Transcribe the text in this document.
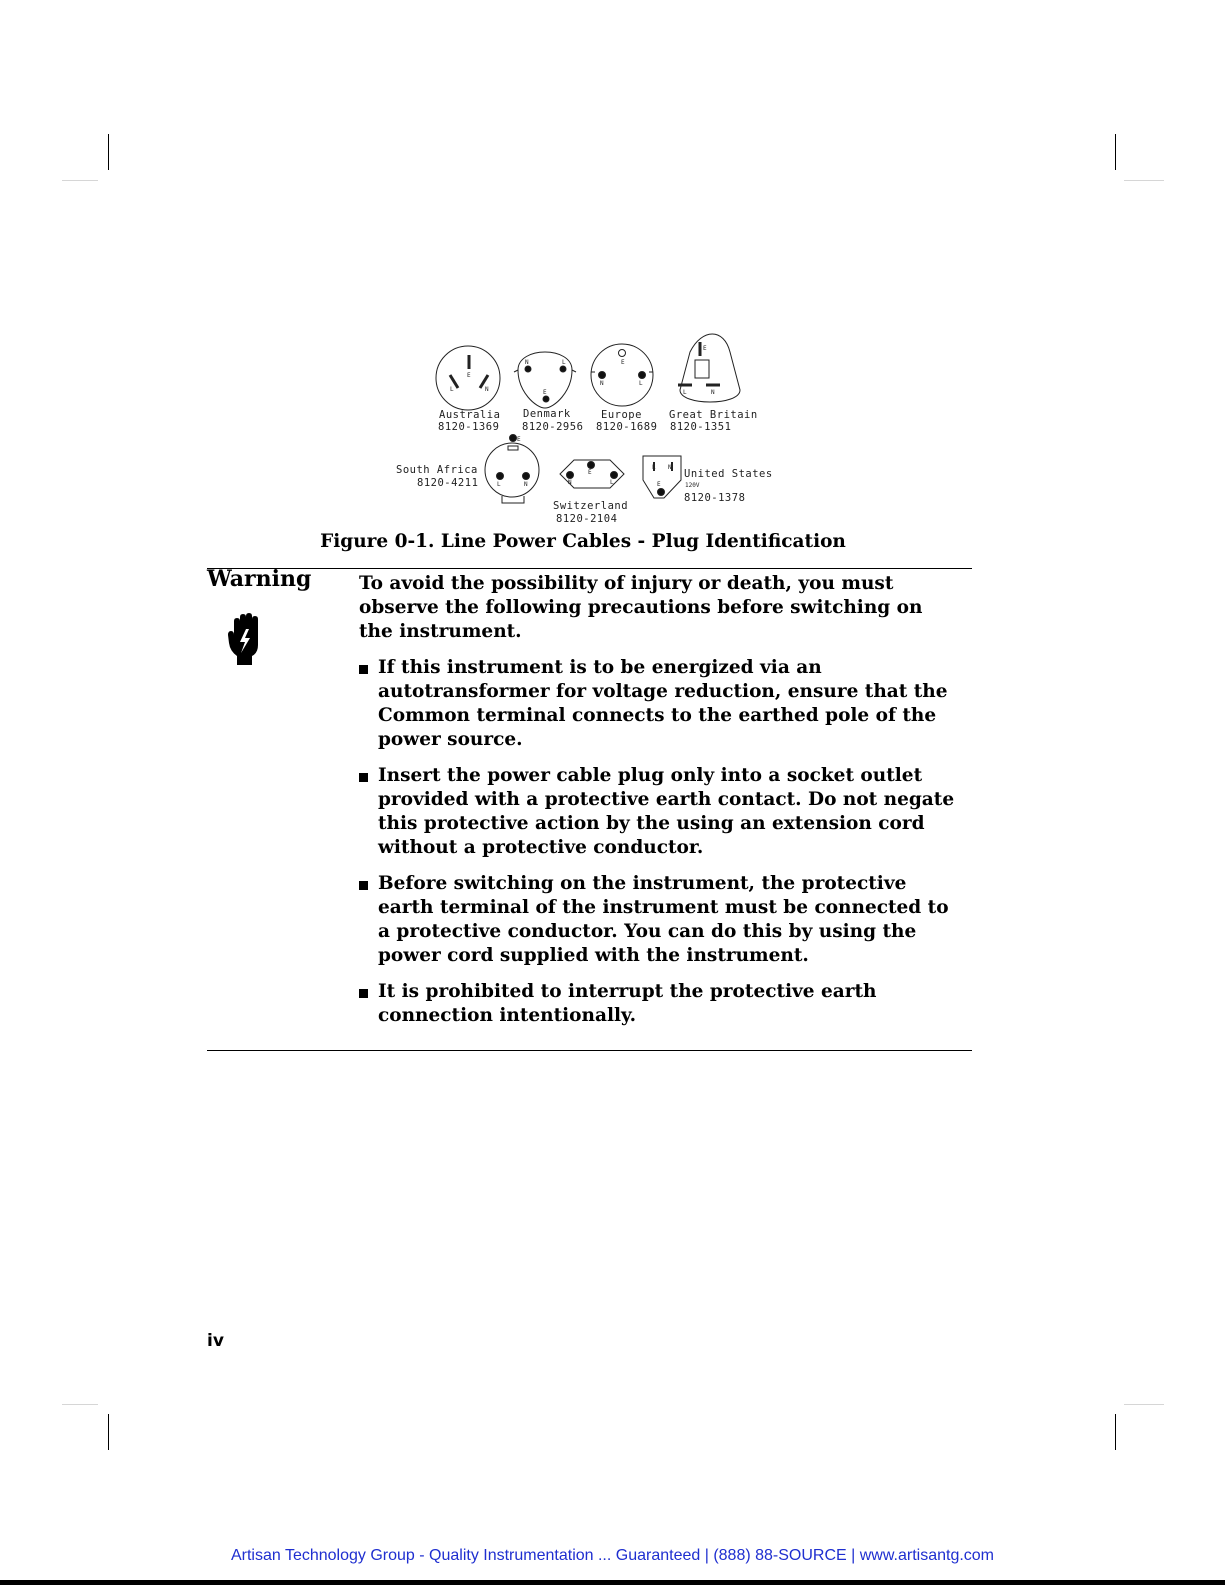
E
L	N
N	L
E
E
N	L
E
L	N
E
L	N	N
E
L
L N
E
Australia
8120-1369
Denmark
8120-2956
Europe
8120-1689
Great Britain
8120-1351
South Africa
8120-4211
Switzerland
8120-2104
United States
8120-1378
120V
Figure 0-1. Line Power Cables - Plug Identification
Warning	To avoid the possibility of injury or death, you must observe the following precautions before switching on the instrument.

If this instrument is to be energized via an autotransformer for voltage reduction, ensure that the Common terminal connects to the earthed pole of the power source.
Insert the power cable plug only into a socket outlet provided with a protective earth contact. Do not negate this protective action by the using an extension cord without a protective conductor.
Before switching on the instrument, the protective earth terminal of the instrument must be connected to a protective conductor. You can do this by using the power cord supplied with the instrument.
It is prohibited to interrupt the protective earth connection intentionally.
iv
Artisan Technology Group - Quality Instrumentation ... Guaranteed | (888) 88-SOURCE | www.artisantg.com
